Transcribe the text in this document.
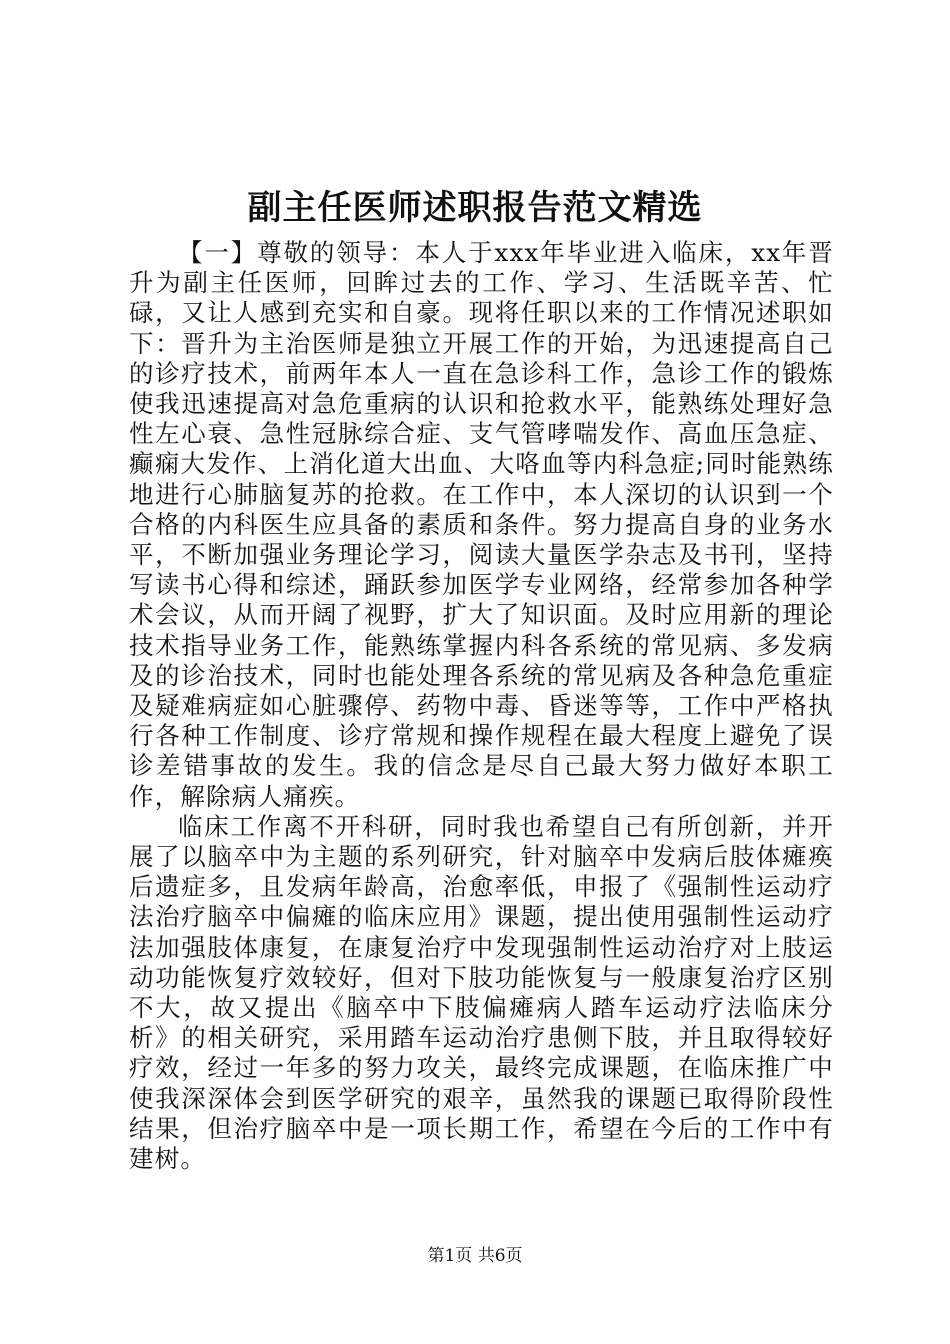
副主任医师述职报告范文精选

【一】尊敬的领导：本人于xxx年毕业进入临床，xx年晋升为副主任医师，回眸过去的工作、学习、生活既辛苦、忙碌，又让人感到充实和自豪。现将任职以来的工作情况述职如下：晋升为主治医师是独立开展工作的开始，为迅速提高自己的诊疗技术，前两年本人一直在急诊科工作，急诊工作的锻炼使我迅速提高对急危重病的认识和抢救水平，能熟练处理好急性左心衰、急性冠脉综合症、支气管哮喘发作、高血压急症、癫痫大发作、上消化道大出血、大咯血等内科急症;同时能熟练地进行心肺脑复苏的抢救。在工作中，本人深切的认识到一个合格的内科医生应具备的素质和条件。努力提高自身的业务水平，不断加强业务理论学习，阅读大量医学杂志及书刊，坚持写读书心得和综述，踊跃参加医学专业网络，经常参加各种学术会议，从而开阔了视野，扩大了知识面。及时应用新的理论技术指导业务工作，能熟练掌握内科各系统的常见病、多发病及的诊治技术，同时也能处理各系统的常见病及各种急危重症及疑难病症如心脏骤停、药物中毒、昏迷等等，工作中严格执行各种工作制度、诊疗常规和操作规程在最大程度上避免了误诊差错事故的发生。我的信念是尽自己最大努力做好本职工作，解除病人痛疾。

临床工作离不开科研，同时我也希望自己有所创新，并开展了以脑卒中为主题的系列研究，针对脑卒中发病后肢体瘫痪后遗症多，且发病年龄高，治愈率低，申报了《强制性运动疗法治疗脑卒中偏瘫的临床应用》课题，提出使用强制性运动疗法加强肢体康复，在康复治疗中发现强制性运动治疗对上肢运动功能恢复疗效较好，但对下肢功能恢复与一般康复治疗区别不大，故又提出《脑卒中下肢偏瘫病人踏车运动疗法临床分析》的相关研究，采用踏车运动治疗患侧下肢，并且取得较好疗效，经过一年多的努力攻关，最终完成课题，在临床推广中使我深深体会到医学研究的艰辛，虽然我的课题已取得阶段性结果，但治疗脑卒中是一项长期工作，希望在今后的工作中有建树。

第1页 共6页
